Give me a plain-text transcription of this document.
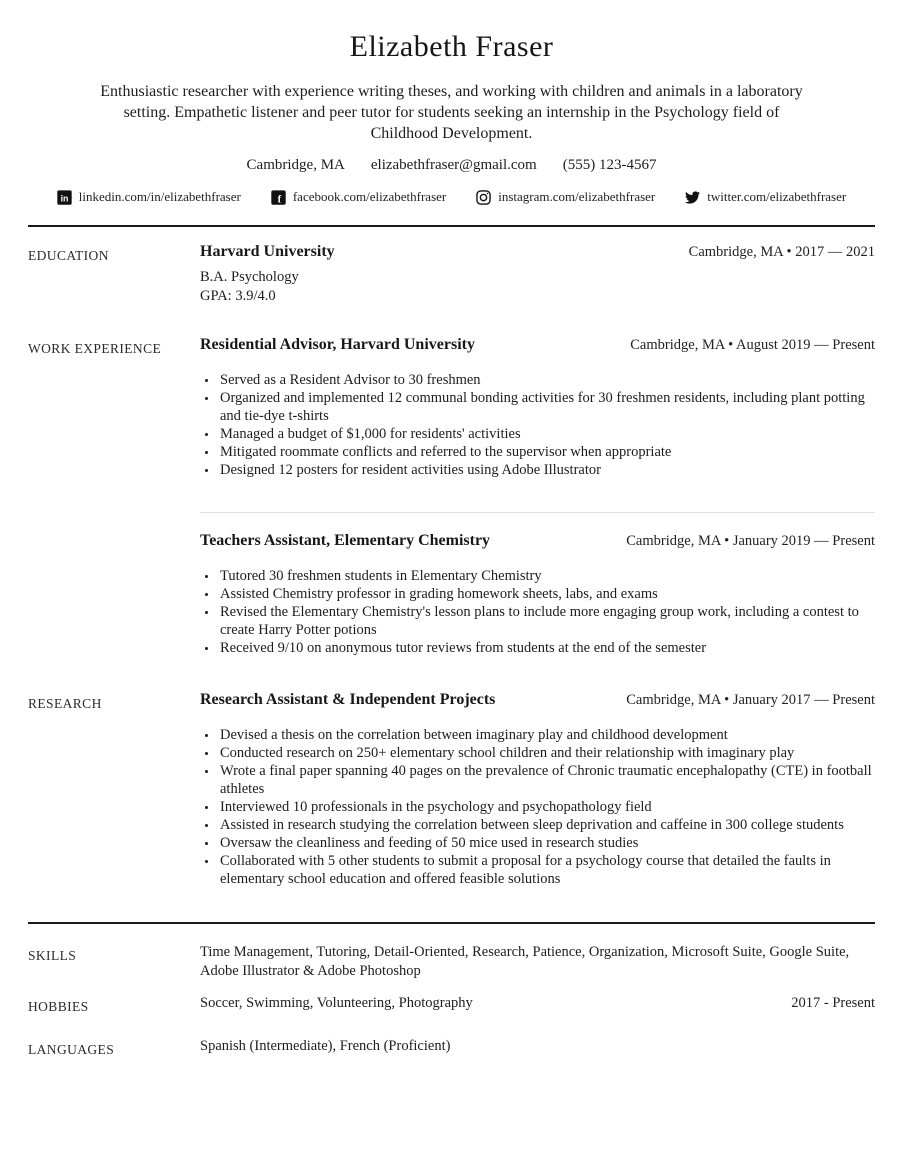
Elizabeth Fraser

Enthusiastic researcher with experience writing theses, and working with children and animals in a laboratory setting. Empathetic listener and peer tutor for students seeking an internship in the Psychology field of Childhood Development.

Cambridge, MA elizabethfraser@gmail.com (555) 123-4567
in linkedin.com/in/elizabethfraser f facebook.com/elizabethfraser	instagram.com/elizabethfraser	twitter.com/elizabethfraser
EDUCATION	Harvard University	Cambridge, MA • 2017 — 2021
B.A. Psychology
GPA: 3.9/4.0
WORK EXPERIENCE	Residential Advisor, Harvard University	Cambridge, MA • August 2019 — Present
• Served as a Resident Advisor to 30 freshmen
• Organized and implemented 12 communal bonding activities for 30 freshmen residents, including plant potting and tie-dye t-shirts
• Managed a budget of $1,000 for residents' activities
• Mitigated roommate conflicts and referred to the supervisor when appropriate
• Designed 12 posters for resident activities using Adobe Illustrator
Teachers Assistant, Elementary Chemistry	Cambridge, MA • January 2019 — Present
• Tutored 30 freshmen students in Elementary Chemistry
• Assisted Chemistry professor in grading homework sheets, labs, and exams
• Revised the Elementary Chemistry's lesson plans to include more engaging group work, including a contest to create Harry Potter potions
• Received 9/10 on anonymous tutor reviews from students at the end of the semester
RESEARCH	Research Assistant & Independent Projects	Cambridge, MA • January 2017 — Present
• Devised a thesis on the correlation between imaginary play and childhood development
• Conducted research on 250+ elementary school children and their relationship with imaginary play
• Wrote a final paper spanning 40 pages on the prevalence of Chronic traumatic encephalopathy (CTE) in football athletes
• Interviewed 10 professionals in the psychology and psychopathology field
• Assisted in research studying the correlation between sleep deprivation and caffeine in 300 college students
• Oversaw the cleanliness and feeding of 50 mice used in research studies
• Collaborated with 5 other students to submit a proposal for a psychology course that detailed the faults in elementary school education and offered feasible solutions
SKILLS	Time Management, Tutoring, Detail-Oriented, Research, Patience, Organization, Microsoft Suite, Google Suite, Adobe Illustrator & Adobe Photoshop
HOBBIES	Soccer, Swimming, Volunteering, Photography	2017 - Present
LANGUAGES	Spanish (Intermediate), French (Proficient)
